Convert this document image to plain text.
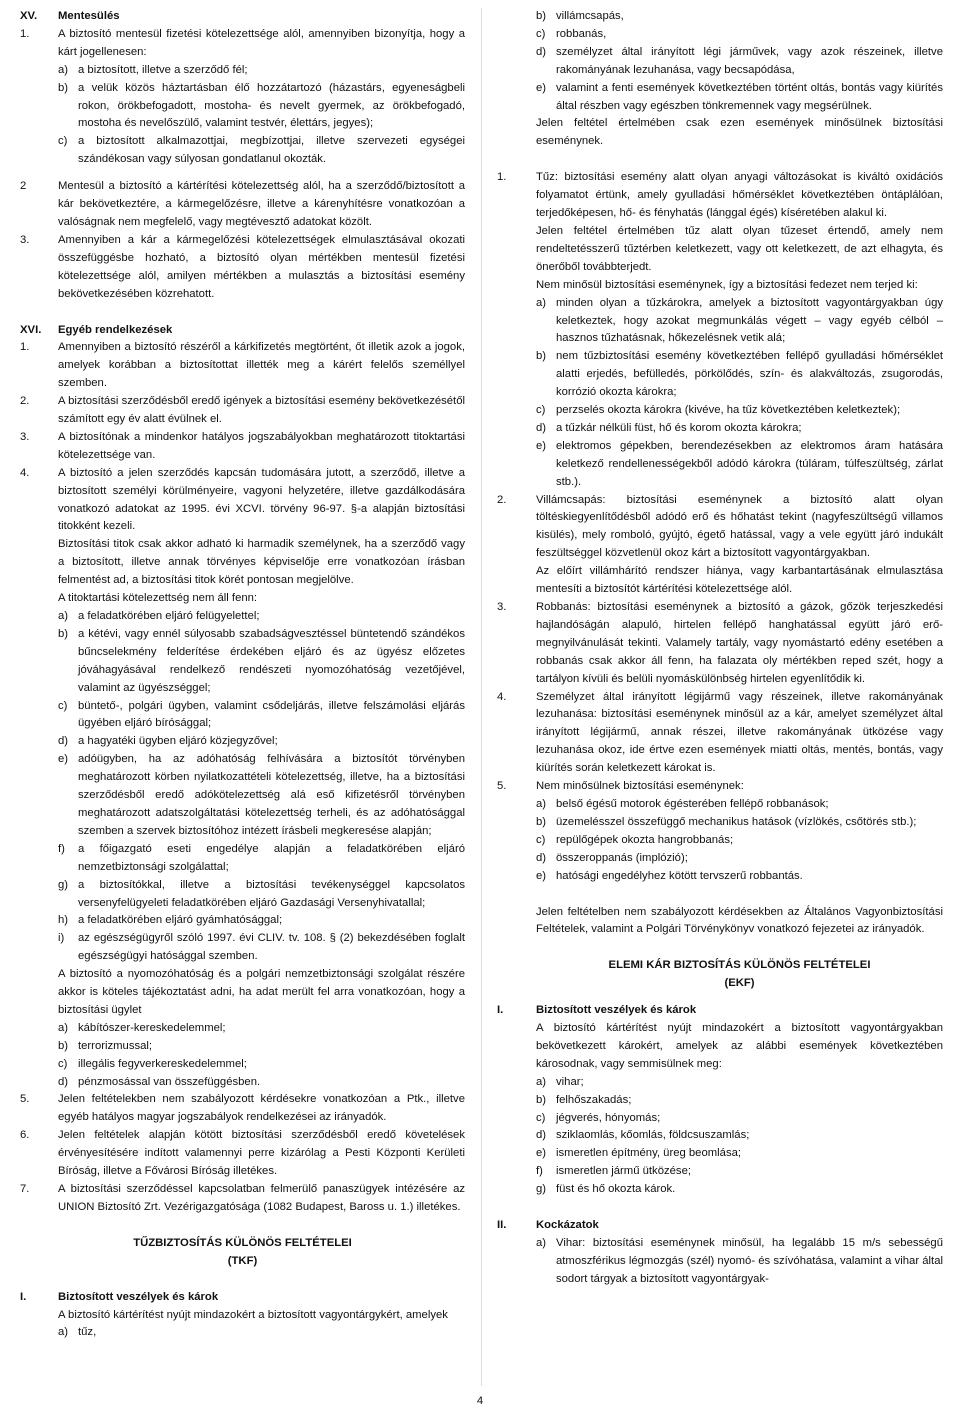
XV.	Mentesülés
1.	A biztosító mentesül fizetési kötelezettsége alól, amennyiben bizonyítja, hogy a kárt jogellenesen:
a) a biztosított, illetve a szerződő fél;
b) a velük közös háztartásban élő hozzátartozó (házastárs, egyeneságbeli rokon, örökbefogadott, mostoha- és nevelt gyermek, az örökbefogadó, mostoha és nevelőszülő, valamint testvér, élettárs, jegyes);
c) a biztosított alkalmazottjai, megbízottjai, illetve szervezeti egységei szándékosan vagy súlyosan gondatlanul okozták.
2	Mentesül a biztosító a kártérítési kötelezettség alól, ha a szerződő/biztosított a kár bekövetkeztére, a kármegelőzésre, illetve a kárenyhítésre vonatkozóan a valóságnak nem megfelelő, vagy megtévesztő adatokat közölt.
3.	Amennyiben a kár a kármegelőzési kötelezettségek elmulasztásával okozati összefüggésbe hozható, a biztosító olyan mértékben mentesül fizetési kötelezettsége alól, amilyen mértékben a mulasztás a biztosítási esemény bekövetkezésében közrehatott.
XVI.	Egyéb rendelkezések
1.	Amennyiben a biztosító részéről a kárkifizetés megtörtént, őt illetik azok a jogok, amelyek korábban a biztosítottat illették meg a kárért felelős személlyel szemben.
2.	A biztosítási szerződésből eredő igények a biztosítási esemény bekövetkezésétől számított egy év alatt évülnek el.
3.	A biztosítónak a mindenkor hatályos jogszabályokban meghatározott titoktartási kötelezettsége van.
4.	A biztosító a jelen szerződés kapcsán tudomására jutott, a szerződő, illetve a biztosított személyi körülményeire, vagyoni helyzetére, illetve gazdálkodására vonatkozó adatokat az 1995. évi XCVI. törvény 96-97. §-a alapján biztosítási titokként kezeli.
Biztosítási titok csak akkor adható ki harmadik személynek, ha a szerződő vagy a biztosított, illetve annak törvényes képviselője erre vonatkozóan írásban felmentést ad, a biztosítási titok körét pontosan megjelölve.
A titoktartási kötelezettség nem áll fenn:
a) a feladatkörében eljáró felügyelettel;
b) a kétévi, vagy ennél súlyosabb szabadságvesztéssel büntetendő szándékos bűncselekmény felderítése érdekében eljáró és az ügyész előzetes jóváhagyásával rendelkező rendészeti nyomozóhatóság vezetőjével, valamint az ügyészséggel;
c) büntető-, polgári ügyben, valamint csődeljárás, illetve felszámolási eljárás ügyében eljáró bírósággal;
d) a hagyatéki ügyben eljáró közjegyzővel;
e) adóügyben, ha az adóhatóság felhívására a biztosítót törvényben meghatározott körben nyilatkozattételi kötelezettség, illetve, ha a biztosítási szerződésből eredő adókötelezettség alá eső kifizetésről törvényben meghatározott adatszolgáltatási kötelezettség terheli, és az adóhatósággal szemben a szervek biztosítóhoz intézett írásbeli megkeresése alapján;
f)	a főigazgató eseti engedélye alapján a feladatkörében eljáró nemzetbiztonsági szolgálattal;
g) a biztosítókkal, illetve a biztosítási tevékenységgel kapcsolatos versenyfelügyeleti feladatkörében eljáró Gazdasági Versenyhivatallal;
h) a feladatkörében eljáró gyámhatósággal;
i)	az egészségügyről szóló 1997. évi CLIV. tv. 108. § (2) bekezdésében foglalt egészségügyi hatósággal szemben.
A biztosító a nyomozóhatóság és a polgári nemzetbiztonsági szolgálat részére akkor is köteles tájékoztatást adni, ha adat merült fel arra vonatkozóan, hogy a biztosítási ügylet
a) kábítószer-kereskedelemmel;
b) terrorizmussal;
c) illegális fegyverkereskedelemmel;
d) pénzmosással van összefüggésben.
5.	Jelen feltételekben nem szabályozott kérdésekre vonatkozóan a Ptk., illetve egyéb hatályos magyar jogszabályok rendelkezései az irányadók.
6.	Jelen feltételek alapján kötött biztosítási szerződésből eredő követelések érvényesítésére indított valamennyi perre kizárólag a Pesti Központi Kerületi Bíróság, illetve a Fővárosi Bíróság illetékes.
7.	A biztosítási szerződéssel kapcsolatban felmerülő panaszügyek intézésére az UNION Biztosító Zrt. Vezérigazgatósága (1082 Budapest, Baross u. 1.) illetékes.
TŰZBIZTOSÍTÁS KÜLÖNÖS FELTÉTELEI
(TKF)
I.	Biztosított veszélyek és károk
A biztosító kártérítést nyújt mindazokért a biztosított vagyontárgykért, amelyek
a) tűz,
b) villámcsapás,
c) robbanás,
d) személyzet által irányított légi járművek, vagy azok részeinek, illetve rakományának lezuhanása, vagy becsapódása,
e) valamint a fenti események következtében történt oltás, bontás vagy kiürítés által részben vagy egészben tönkremennek vagy megsérülnek.
Jelen feltétel értelmében csak ezen események minősülnek biztosítási eseménynek.
1.	Tűz: biztosítási esemény alatt olyan anyagi változásokat is kiváltó oxidációs folyamatot értünk, amely gyulladási hőmérséklet következtében öntáplálóan, terjedőképesen, hő- és fényhatás (lánggal égés) kíséretében alakul ki.
Jelen feltétel értelmében tűz alatt olyan tűzeset értendő, amely nem rendeltetésszerű tűztérben keletkezett, vagy ott keletkezett, de azt elhagyta, és önerőből továbbterjedt.
Nem minősül biztosítási eseménynek, így a biztosítási fedezet nem terjed ki:
a) minden olyan a tűzkárokra, amelyek a biztosított vagyontárgyakban úgy keletkeztek, hogy azokat megmunkálás végett – vagy egyéb célból – hasznos tűzhatásnak, hőkezelésnek vetik alá;
b) nem tűzbiztosítási esemény következtében fellépő gyulladási hőmérséklet alatti erjedés, befülledés, pörkölődés, szín- és alakváltozás, zsugorodás, korrózió okozta károkra;
c) perzselés okozta károkra (kivéve, ha tűz következtében keletkeztek);
d) a tűzkár nélküli füst, hő és korom okozta károkra;
e) elektromos gépekben, berendezésekben az elektromos áram hatására keletkező rendellenességekből adódó károkra (túláram, túlfeszültség, zárlat stb.).
2.	Villámcsapás: biztosítási eseménynek a biztosító alatt olyan töltéskiegyenlítődésből adódó erő és hőhatást tekint (nagyfeszültségű villamos kisülés), mely romboló, gyújtó, égető hatással, vagy a vele együtt járó indukált feszültséggel közvetlenül okoz kárt a biztosított vagyontárgyakban.
Az előírt villámhárító rendszer hiánya, vagy karbantartásának elmulasztása mentesíti a biztosítót kártérítési kötelezettsége alól.
3.	Robbanás: biztosítási eseménynek a biztosító a gázok, gőzök terjeszkedési hajlandóságán alapuló, hirtelen fellépő hanghatással együtt járó erő-megnyilvánulását tekinti. Valamely tartály, vagy nyomástartó edény esetében a robbanás csak akkor áll fenn, ha falazata oly mértékben reped szét, hogy a tartályon kívüli és belüli nyomáskülönbség hirtelen egyenlítődik ki.
4.	Személyzet által irányított légijármű vagy részeinek, illetve rakományának lezuhanása: biztosítási eseménynek minősül az a kár, amelyet személyzet által irányított légijármű, annak részei, illetve rakományának ütközése vagy lezuhanása okoz, ide értve ezen események miatti oltás, mentés, bontás, vagy kiürítés során keletkezett károkat is.
5.	Nem minősülnek biztosítási eseménynek:
a) belső égésű motorok égésterében fellépő robbanások;
b) üzemelésszel összefüggő mechanikus hatások (vízlökés, csőtörés stb.);
c) repülőgépek okozta hangrobbanás;
d) összeroppanás (implózió);
e) hatósági engedélyhez kötött tervszerű robbantás.
Jelen feltételben nem szabályozott kérdésekben az Általános Vagyonbiztosítási Feltételek, valamint a Polgári Törvénykönyv vonatkozó fejezetei az irányadók.
ELEMI KÁR BIZTOSÍTÁS KÜLÖNÖS FELTÉTELEI
(EKF)
I.	Biztosított veszélyek és károk
A biztosító kártérítést nyújt mindazokért a biztosított vagyontárgyakban bekövetkezett károkért, amelyek az alábbi események következtében károsodnak, vagy semmisülnek meg:
a) vihar;
b) felhőszakadás;
c) jégverés, hónyomás;
d) sziklaomlás, kőomlás, földcsuszamlás;
e) ismeretlen építmény, üreg beomlása;
f)	ismeretlen jármű ütközése;
g) füst és hő okozta károk.
II.	Kockázatok
a) Vihar: biztosítási eseménynek minősül, ha legalább 15 m/s sebességű atmoszférikus légmozgás (szél) nyomó- és szívóhatása, valamint a vihar által sodort tárgyak a biztosított vagyontárgyak-
4
